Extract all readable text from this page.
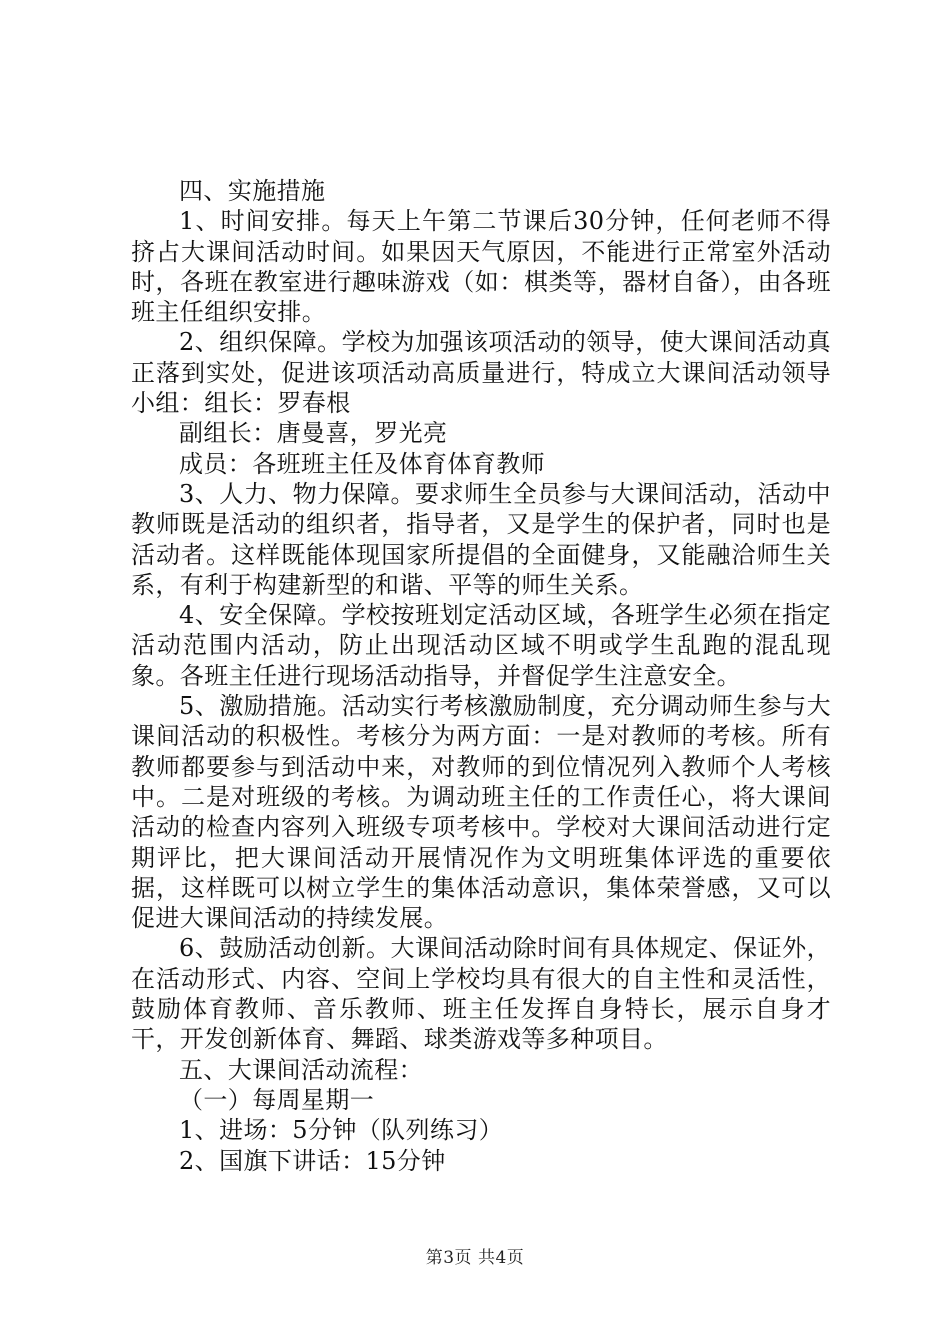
四、实施措施

1、时间安排。每天上午第二节课后30分钟，任何老师不得挤占大课间活动时间。如果因天气原因，不能进行正常室外活动时，各班在教室进行趣味游戏（如：棋类等，器材自备），由各班班主任组织安排。

2、组织保障。学校为加强该项活动的领导，使大课间活动真正落到实处，促进该项活动高质量进行，特成立大课间活动领导小组：组长：罗春根

副组长：唐曼喜，罗光亮

成员：各班班主任及体育体育教师

3、人力、物力保障。要求师生全员参与大课间活动，活动中教师既是活动的组织者，指导者，又是学生的保护者，同时也是活动者。这样既能体现国家所提倡的全面健身，又能融洽师生关系，有利于构建新型的和谐、平等的师生关系。

4、安全保障。学校按班划定活动区域，各班学生必须在指定活动范围内活动，防止出现活动区域不明或学生乱跑的混乱现象。各班主任进行现场活动指导，并督促学生注意安全。

5、激励措施。活动实行考核激励制度，充分调动师生参与大课间活动的积极性。考核分为两方面：一是对教师的考核。所有教师都要参与到活动中来，对教师的到位情况列入教师个人考核中。二是对班级的考核。为调动班主任的工作责任心，将大课间活动的检查内容列入班级专项考核中。学校对大课间活动进行定期评比，把大课间活动开展情况作为文明班集体评选的重要依据，这样既可以树立学生的集体活动意识，集体荣誉感，又可以促进大课间活动的持续发展。

6、鼓励活动创新。大课间活动除时间有具体规定、保证外，在活动形式、内容、空间上学校均具有很大的自主性和灵活性，鼓励体育教师、音乐教师、班主任发挥自身特长，展示自身才干，开发创新体育、舞蹈、球类游戏等多种项目。

五、大课间活动流程：

（一）每周星期一

1、进场：5分钟（队列练习）

2、国旗下讲话：15分钟

第3页 共4页
